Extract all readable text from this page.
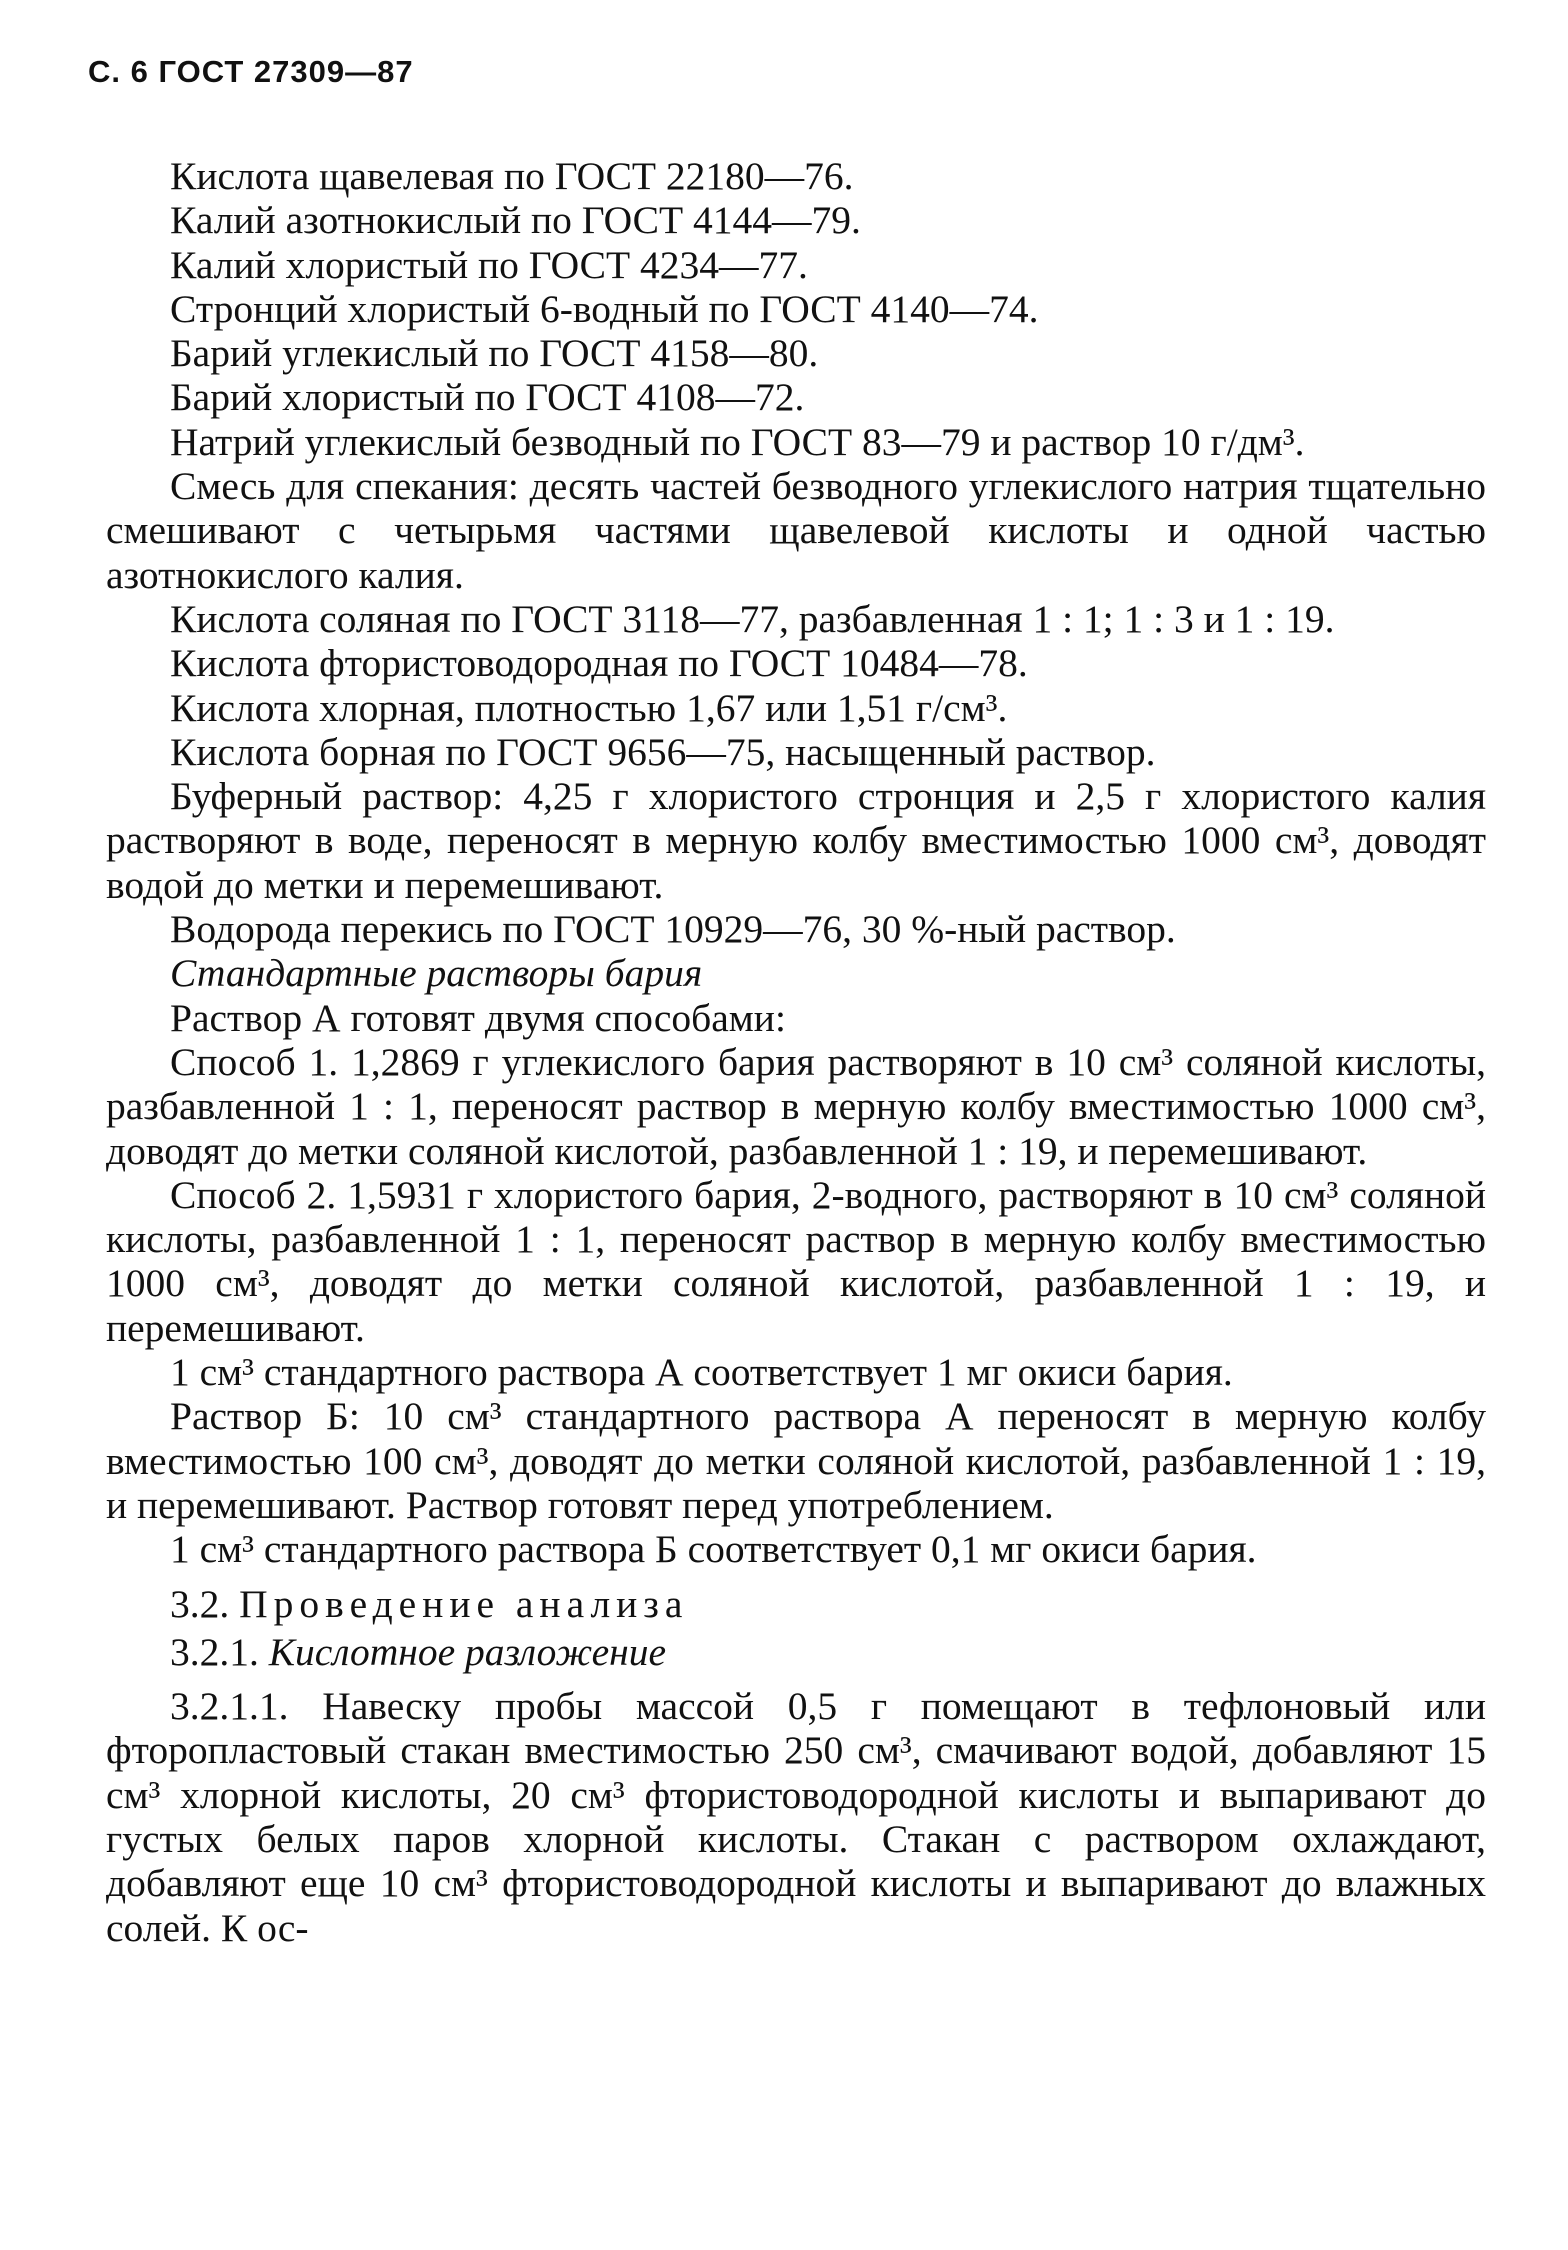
С. 6 ГОСТ 27309—87

Кислота щавелевая по ГОСТ 22180—76.

Калий азотнокислый по ГОСТ 4144—79.

Калий хлористый по ГОСТ 4234—77.

Стронций хлористый 6-водный по ГОСТ 4140—74.

Барий углекислый по ГОСТ 4158—80.

Барий хлористый по ГОСТ 4108—72.

Натрий углекислый безводный по ГОСТ 83—79 и раствор 10 г/дм³.

Смесь для спекания: десять частей безводного углекислого натрия тщательно смешивают с четырьмя частями щавелевой кислоты и одной частью азотнокислого калия.

Кислота соляная по ГОСТ 3118—77, разбавленная 1 : 1; 1 : 3 и 1 : 19.

Кислота фтористоводородная по ГОСТ 10484—78.

Кислота хлорная, плотностью 1,67 или 1,51 г/см³.

Кислота борная по ГОСТ 9656—75, насыщенный раствор.

Буферный раствор: 4,25 г хлористого стронция и 2,5 г хлористого калия растворяют в воде, переносят в мерную колбу вместимостью 1000 см³, доводят водой до метки и перемешивают.

Водорода перекись по ГОСТ 10929—76, 30 %-ный раствор.

Стандартные растворы бария

Раствор А готовят двумя способами:

Способ 1. 1,2869 г углекислого бария растворяют в 10 см³ соляной кислоты, разбавленной 1 : 1, переносят раствор в мерную колбу вместимостью 1000 см³, доводят до метки соляной кислотой, разбавленной 1 : 19, и перемешивают.

Способ 2. 1,5931 г хлористого бария, 2-водного, растворяют в 10 см³ соляной кислоты, разбавленной 1 : 1, переносят раствор в мерную колбу вместимостью 1000 см³, доводят до метки соляной кислотой, разбавленной 1 : 19, и перемешивают.

1 см³ стандартного раствора А соответствует 1 мг окиси бария.

Раствор Б: 10 см³ стандартного раствора А переносят в мерную колбу вместимостью 100 см³, доводят до метки соляной кислотой, разбавленной 1 : 19, и перемешивают. Раствор готовят перед употреблением.

1 см³ стандартного раствора Б соответствует 0,1 мг окиси бария.

3.2. Проведение анализа

3.2.1. Кислотное разложение

3.2.1.1. Навеску пробы массой 0,5 г помещают в тефлоновый или фторопластовый стакан вместимостью 250 см³, смачивают водой, добавляют 15 см³ хлорной кислоты, 20 см³ фтористоводородной кислоты и выпаривают до густых белых паров хлорной кислоты. Стакан с раствором охлаждают, добавляют еще 10 см³ фтористоводородной кислоты и выпаривают до влажных солей. К ос-
